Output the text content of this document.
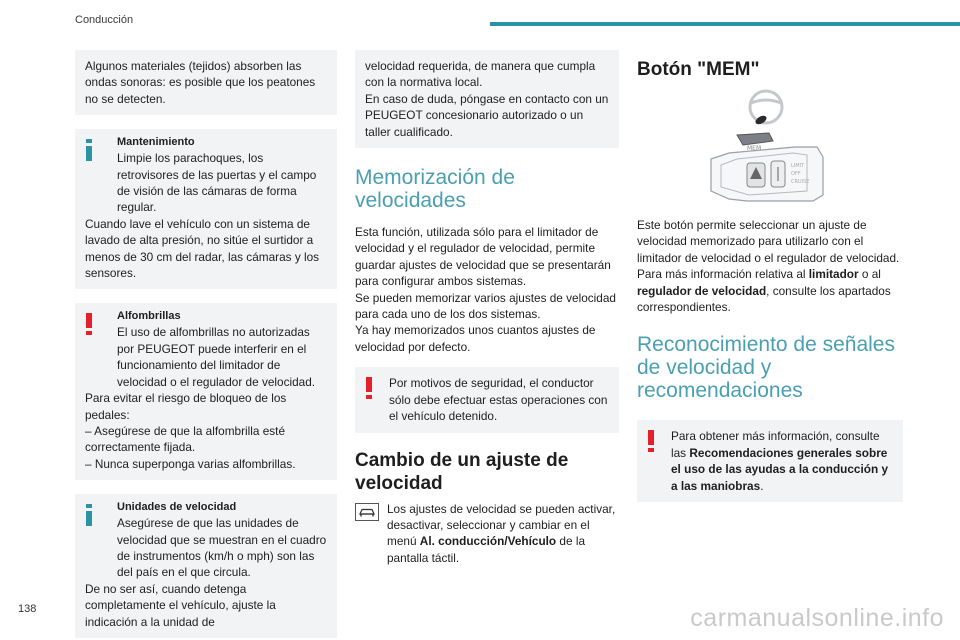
Conducción
Algunos materiales (tejidos) absorben las ondas sonoras: es posible que los peatones no se detecten.
Mantenimiento
Limpie los parachoques, los retrovisores de las puertas y el campo de visión de las cámaras de forma regular.
Cuando lave el vehículo con un sistema de lavado de alta presión, no sitúe el surtidor a menos de 30 cm del radar, las cámaras y los sensores.
Alfombrillas
El uso de alfombrillas no autorizadas por PEUGEOT puede interferir en el funcionamiento del limitador de velocidad o el regulador de velocidad.
Para evitar el riesgo de bloqueo de los pedales:
– Asegúrese de que la alfombrilla esté correctamente fijada.
– Nunca superponga varias alfombrillas.
Unidades de velocidad
Asegúrese de que las unidades de velocidad que se muestran en el cuadro de instrumentos (km/h o mph) son las del país en el que circula.
De no ser así, cuando detenga completamente el vehículo, ajuste la indicación a la unidad de
velocidad requerida, de manera que cumpla con la normativa local.
En caso de duda, póngase en contacto con un PEUGEOT concesionario autorizado o un taller cualificado.
Memorización de velocidades
Esta función, utilizada sólo para el limitador de velocidad y el regulador de velocidad, permite guardar ajustes de velocidad que se presentarán para configurar ambos sistemas.
Se pueden memorizar varios ajustes de velocidad para cada uno de los dos sistemas.
Ya hay memorizados unos cuantos ajustes de velocidad por defecto.
Por motivos de seguridad, el conductor sólo debe efectuar estas operaciones con el vehículo detenido.
Cambio de un ajuste de velocidad
Los ajustes de velocidad se pueden activar, desactivar, seleccionar y cambiar en el menú Al. conducción/Vehículo de la pantalla táctil.
Botón "MEM"
MEM
LIMIT
OFF
CRUISE
Este botón permite seleccionar un ajuste de velocidad memorizado para utilizarlo con el limitador de velocidad o el regulador de velocidad.
Para más información relativa al limitador o al regulador de velocidad, consulte los apartados correspondientes.
Reconocimiento de señales de velocidad y recomendaciones
Para obtener más información, consulte las Recomendaciones generales sobre el uso de las ayudas a la conducción y a las maniobras.
138	carmanualsonline.info
